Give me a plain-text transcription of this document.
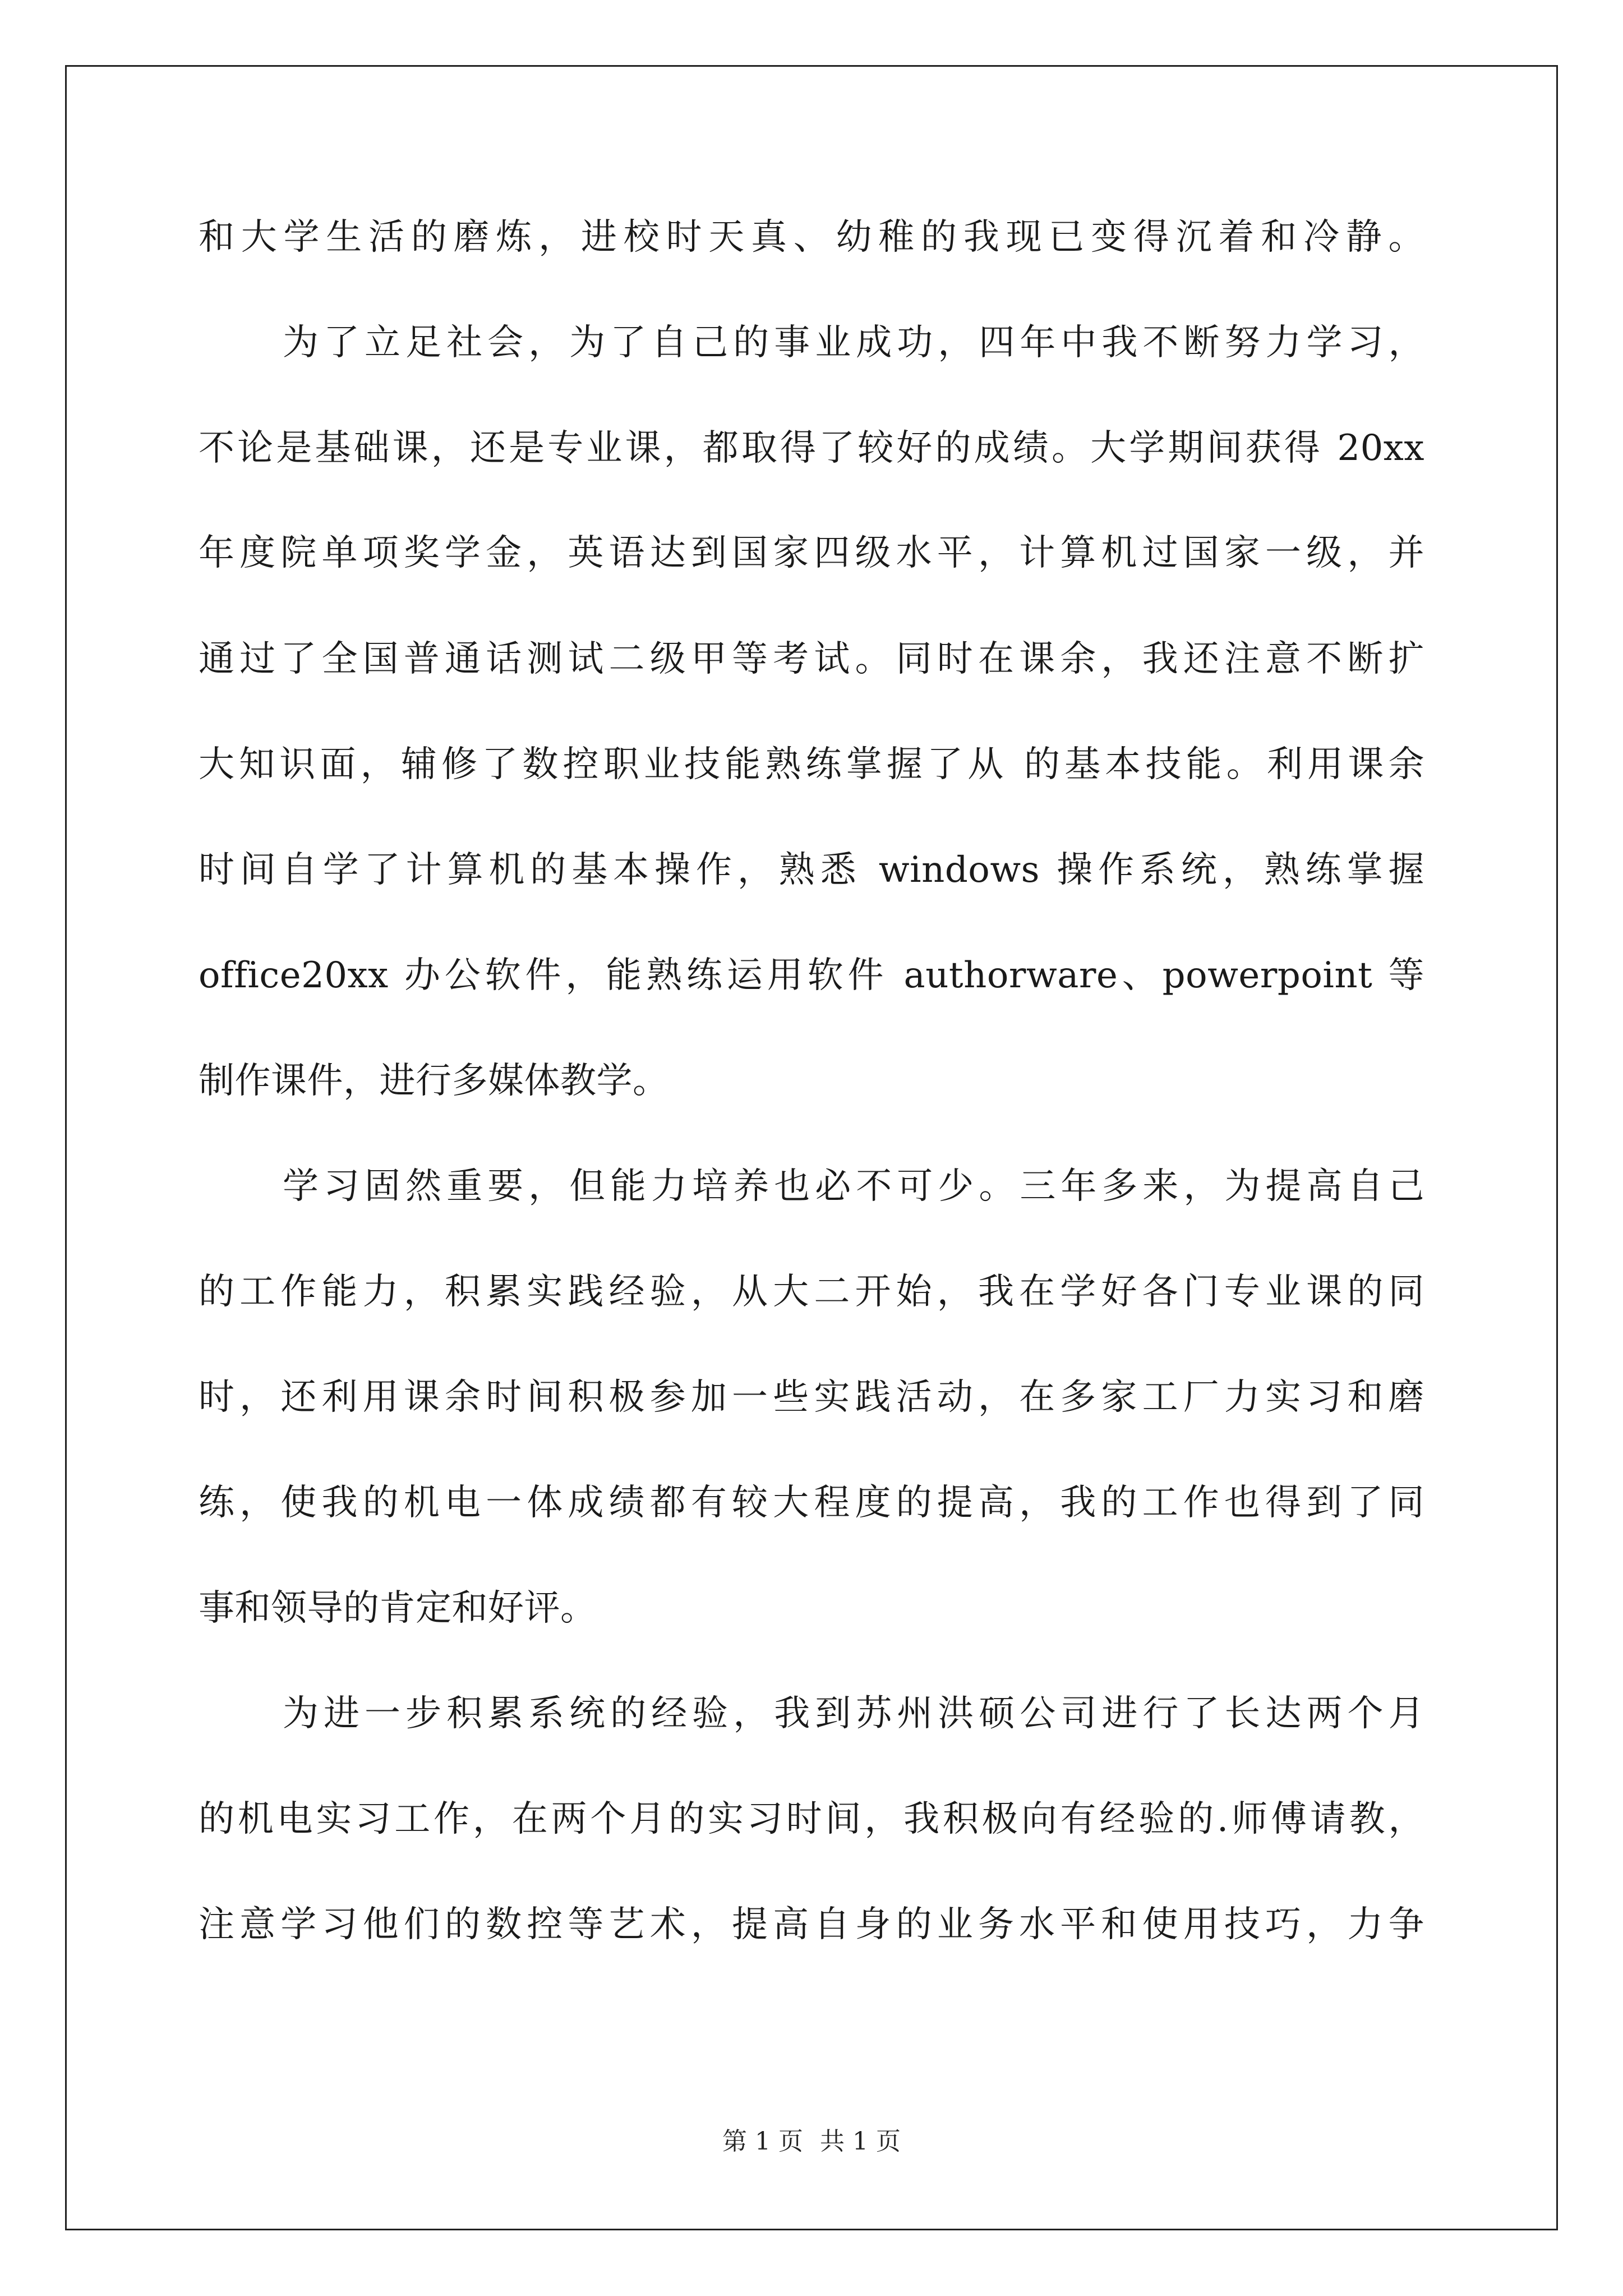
和大学生活的磨炼，进校时天真、幼稚的我现已变得沉着和冷静。
为了立足社会，为了自己的事业成功，四年中我不断努力学习，
不论是基础课，还是专业课，都取得了较好的成绩。大学期间获得 20xx
年度院单项奖学金，英语达到国家四级水平，计算机过国家一级，并
通过了全国普通话测试二级甲等考试。同时在课余，我还注意不断扩
大知识面，辅修了数控职业技能熟练掌握了从 的基本技能。利用课余
时间自学了计算机的基本操作，熟悉 windows 操作系统，熟练掌握
office20xx 办公软件，能熟练运用软件 authorware、powerpoint 等
制作课件，进行多媒体教学。
学习固然重要，但能力培养也必不可少。三年多来，为提高自己
的工作能力，积累实践经验，从大二开始，我在学好各门专业课的同
时，还利用课余时间积极参加一些实践活动，在多家工厂力实习和磨
练，使我的机电一体成绩都有较大程度的提高，我的工作也得到了同
事和领导的肯定和好评。
为进一步积累系统的经验，我到苏州洪硕公司进行了长达两个月
的机电实习工作，在两个月的实习时间，我积极向有经验的.师傅请教，
注意学习他们的数控等艺术，提高自身的业务水平和使用技巧，力争
第 1 页 共 1 页
